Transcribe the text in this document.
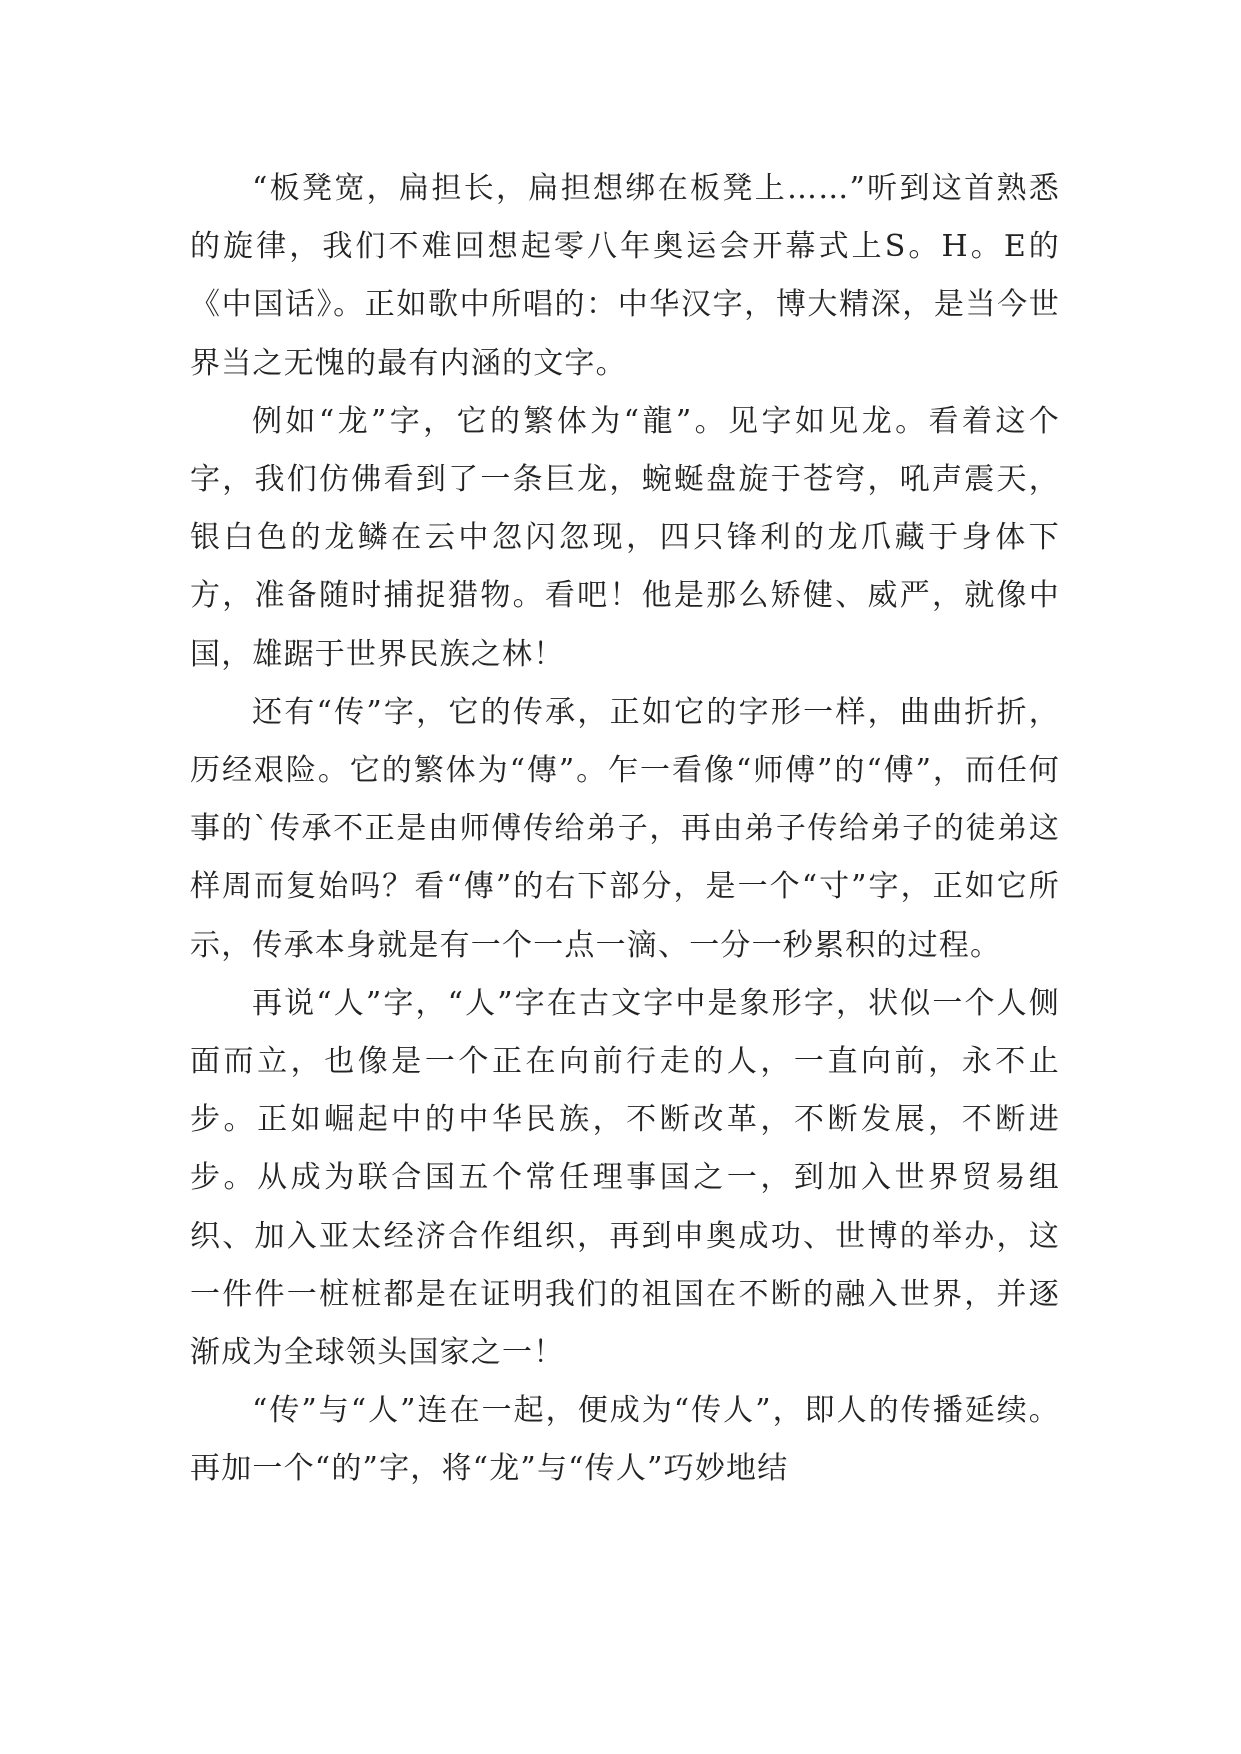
“板凳宽，扁担长，扁担想绑在板凳上……”听到这首熟悉的旋律，我们不难回想起零八年奥运会开幕式上S。H。E的《中国话》。正如歌中所唱的：中华汉字，博大精深，是当今世界当之无愧的最有内涵的文字。

例如“龙”字，它的繁体为“龍”。见字如见龙。看着这个字，我们仿佛看到了一条巨龙，蜿蜒盘旋于苍穹，吼声震天，银白色的龙鳞在云中忽闪忽现，四只锋利的龙爪藏于身体下方，准备随时捕捉猎物。看吧！他是那么矫健、威严，就像中国，雄踞于世界民族之林！

还有“传”字，它的传承，正如它的字形一样，曲曲折折，历经艰险。它的繁体为“傳”。乍一看像“师傅”的“傅”，而任何事的`传承不正是由师傅传给弟子，再由弟子传给弟子的徒弟这样周而复始吗？看“傳”的右下部分，是一个“寸”字，正如它所示，传承本身就是有一个一点一滴、一分一秒累积的过程。

再说“人”字，“人”字在古文字中是象形字，状似一个人侧面而立，也像是一个正在向前行走的人，一直向前，永不止步。正如崛起中的中华民族，不断改革，不断发展，不断进步。从成为联合国五个常任理事国之一，到加入世界贸易组织、加入亚太经济合作组织，再到申奥成功、世博的举办，这一件件一桩桩都是在证明我们的祖国在不断的融入世界，并逐渐成为全球领头国家之一！

“传”与“人”连在一起，便成为“传人”，即人的传播延续。再加一个“的”字，将“龙”与“传人”巧妙地结
